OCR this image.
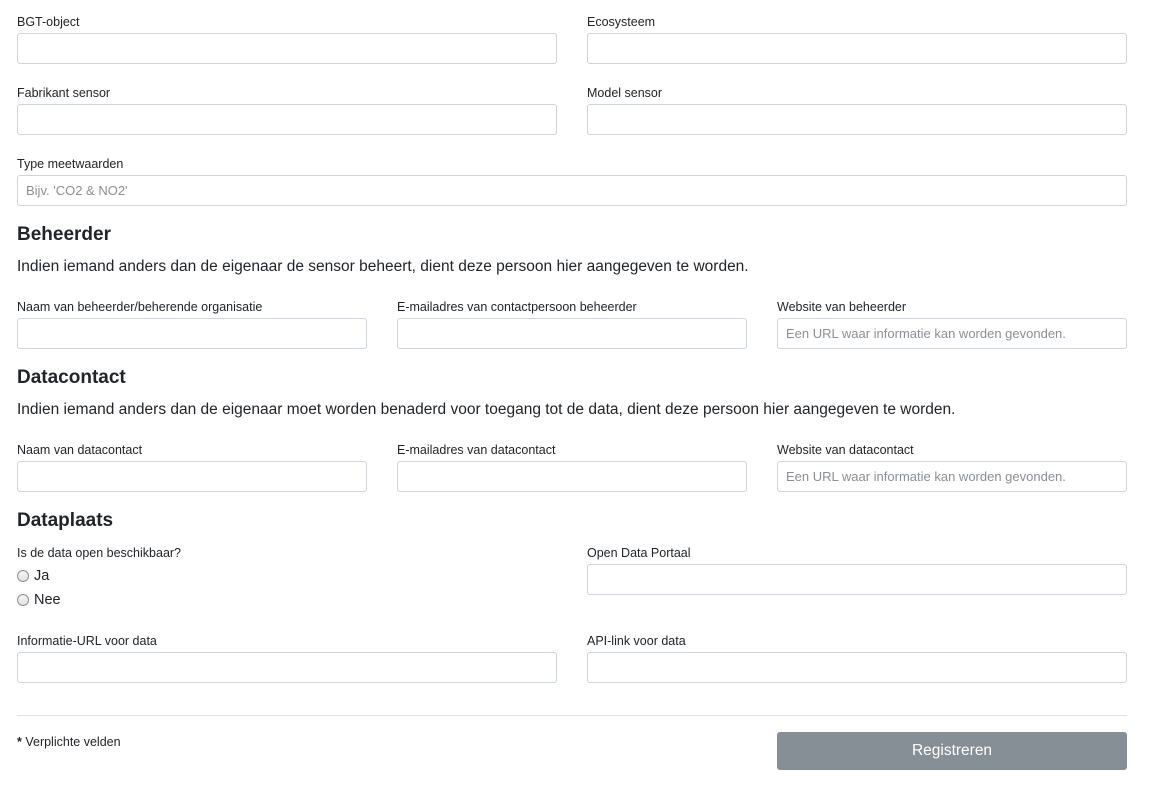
BGT-object	Ecosysteem
Fabrikant sensor	Model sensor
Type meetwaarden
Bijv. 'CO2 & NO2'
Beheerder
Indien iemand anders dan de eigenaar de sensor beheert, dient deze persoon hier aangegeven te worden.
Naam van beheerder/beherende organisatie	E-mailadres van contactpersoon beheerder	Website van beheerder
Een URL waar informatie kan worden gevonden.
Datacontact
Indien iemand anders dan de eigenaar moet worden benaderd voor toegang tot de data, dient deze persoon hier aangegeven te worden.
Naam van datacontact	E-mailadres van datacontact	Website van datacontact
Een URL waar informatie kan worden gevonden.
Dataplaats
Is de data open beschikbaar?
Ja
Nee
Open Data Portaal
Informatie-URL voor data	API-link voor data
* Verplichte velden	Registreren
